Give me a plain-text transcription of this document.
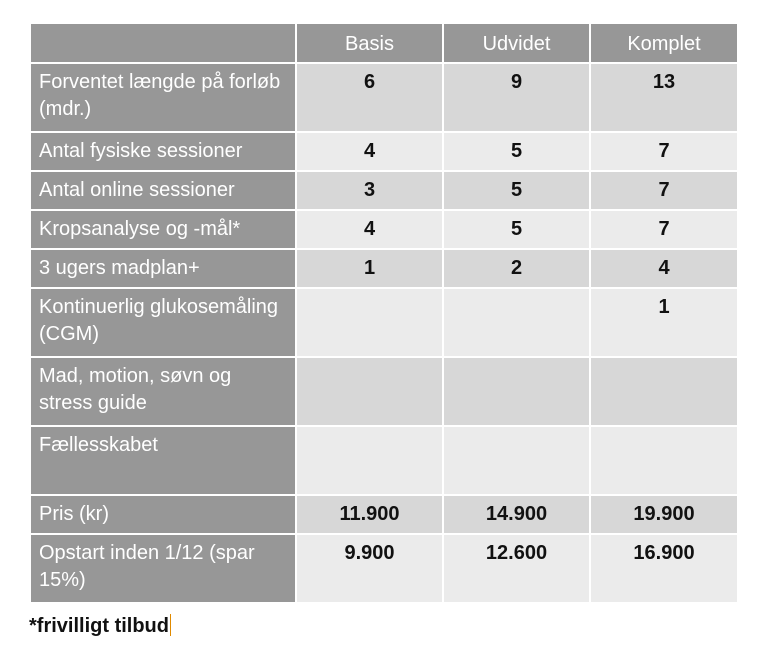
	Basis	Udvidet	Komplet
Forventet længde på forløb (mdr.)	6	9	13
Antal fysiske sessioner	4	5	7
Antal online sessioner	3	5	7
Kropsanalyse og -mål*	4	5	7
3 ugers madplan+	1	2	4
Kontinuerlig glukosemåling (CGM)			1
Mad, motion, søvn og stress guide			
Fællesskabet			
Pris (kr)	11.900	14.900	19.900
Opstart inden 1/12 (spar 15%)	9.900	12.600	16.900
*frivilligt tilbud
